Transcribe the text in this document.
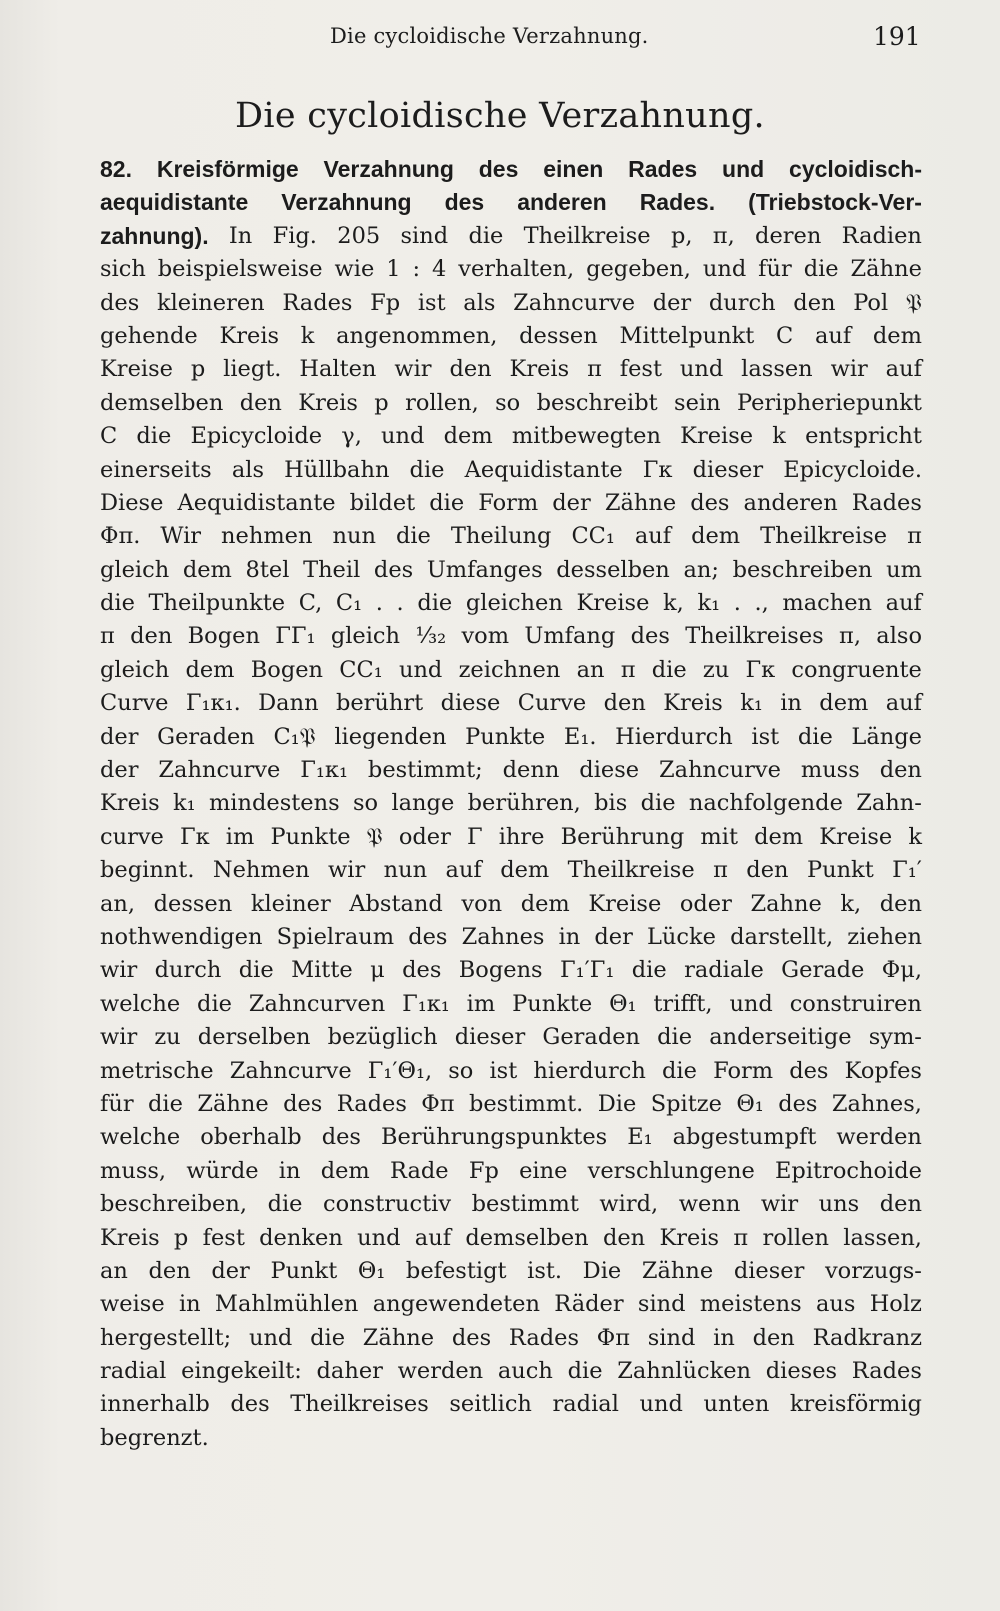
Die cycloidische Verzahnung.	191
Die cycloidische Verzahnung.
82. Kreisförmige Verzahnung des einen Rades und cycloidisch-
aequidistante Verzahnung des anderen Rades. (Triebstock-Ver-
zahnung). In Fig. 205 sind die Theilkreise p, π, deren Radien
sich beispielsweise wie 1 : 4 verhalten, gegeben, und für die Zähne
des kleineren Rades Fp ist als Zahncurve der durch den Pol 𝔓
gehende Kreis k angenommen, dessen Mittelpunkt C auf dem
Kreise p liegt. Halten wir den Kreis π fest und lassen wir auf
demselben den Kreis p rollen, so beschreibt sein Peripheriepunkt
C die Epicycloide γ, und dem mitbewegten Kreise k entspricht
einerseits als Hüllbahn die Aequidistante Γκ dieser Epicycloide.
Diese Aequidistante bildet die Form der Zähne des anderen Rades
Φπ. Wir nehmen nun die Theilung CC₁ auf dem Theilkreise π
gleich dem 8tel Theil des Umfanges desselben an; beschreiben um
die Theilpunkte C, C₁ . . die gleichen Kreise k, k₁ . ., machen auf
π den Bogen ΓΓ₁ gleich ¹⁄₃₂ vom Umfang des Theilkreises π, also
gleich dem Bogen CC₁ und zeichnen an π die zu Γκ congruente
Curve Γ₁κ₁. Dann berührt diese Curve den Kreis k₁ in dem auf
der Geraden C₁𝔓 liegenden Punkte E₁. Hierdurch ist die Länge
der Zahncurve Γ₁κ₁ bestimmt; denn diese Zahncurve muss den
Kreis k₁ mindestens so lange berühren, bis die nachfolgende Zahn-
curve Γκ im Punkte 𝔓 oder Γ ihre Berührung mit dem Kreise k
beginnt. Nehmen wir nun auf dem Theilkreise π den Punkt Γ₁′
an, dessen kleiner Abstand von dem Kreise oder Zahne k, den
nothwendigen Spielraum des Zahnes in der Lücke darstellt, ziehen
wir durch die Mitte μ des Bogens Γ₁′Γ₁ die radiale Gerade Φμ,
welche die Zahncurven Γ₁κ₁ im Punkte Θ₁ trifft, und construiren
wir zu derselben bezüglich dieser Geraden die anderseitige sym-
metrische Zahncurve Γ₁′Θ₁, so ist hierdurch die Form des Kopfes
für die Zähne des Rades Φπ bestimmt. Die Spitze Θ₁ des Zahnes,
welche oberhalb des Berührungspunktes E₁ abgestumpft werden
muss, würde in dem Rade Fp eine verschlungene Epitrochoide
beschreiben, die constructiv bestimmt wird, wenn wir uns den
Kreis p fest denken und auf demselben den Kreis π rollen lassen,
an den der Punkt Θ₁ befestigt ist. Die Zähne dieser vorzugs-
weise in Mahlmühlen angewendeten Räder sind meistens aus Holz
hergestellt; und die Zähne des Rades Φπ sind in den Radkranz
radial eingekeilt: daher werden auch die Zahnlücken dieses Rades
innerhalb des Theilkreises seitlich radial und unten kreisförmig
begrenzt.
